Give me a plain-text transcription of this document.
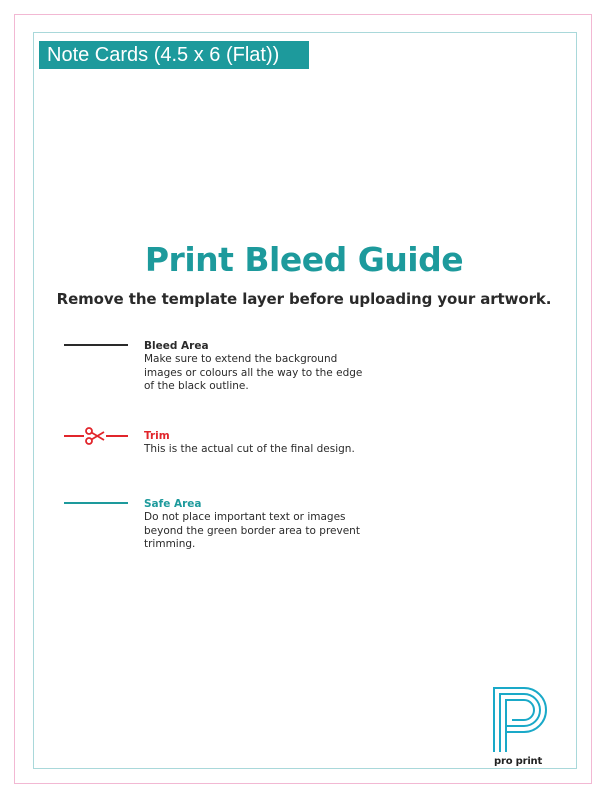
Note Cards (4.5 x 6 (Flat))
Print Bleed Guide
Remove the template layer before uploading your artwork.
Bleed Area
Make sure to extend the background images or colours all the way to the edge of the black outline.
Trim
This is the actual cut of the final design.
Safe Area
Do not place important text or images beyond the green border area to prevent trimming.
pro print
